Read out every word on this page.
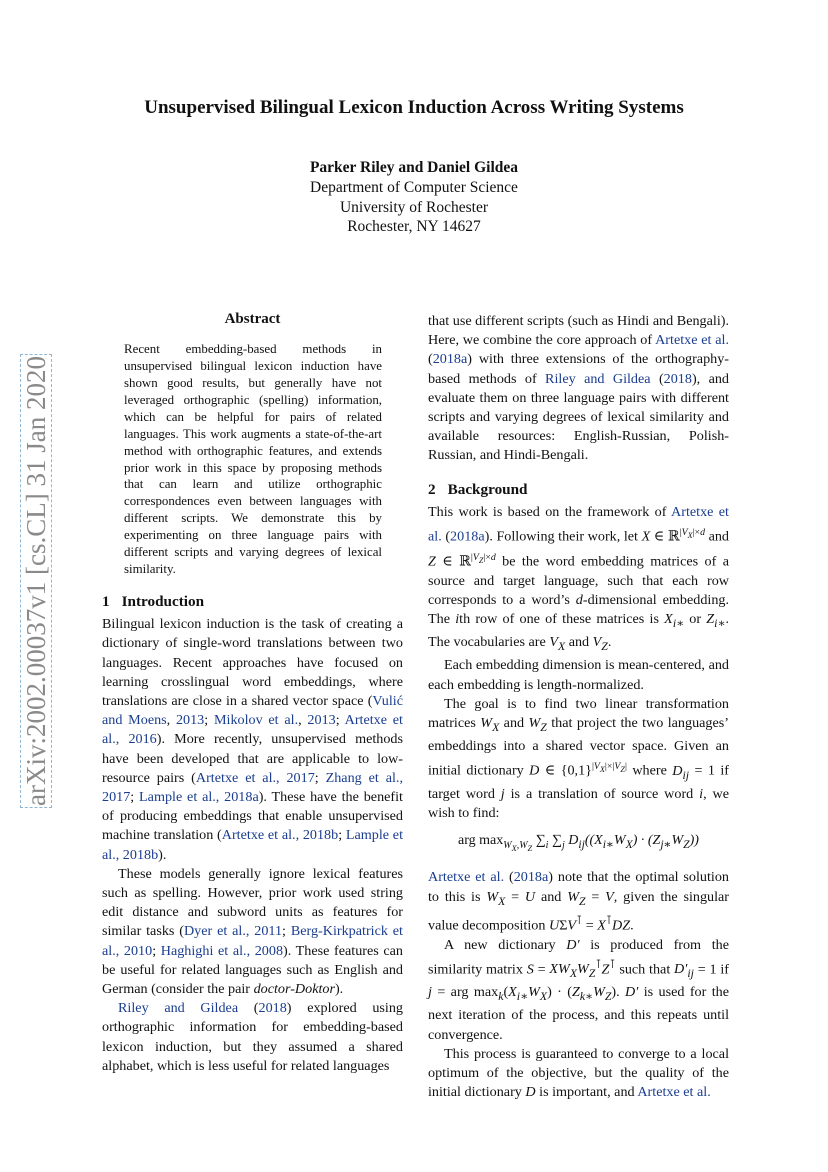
arXiv:2002.00037v1 [cs.CL] 31 Jan 2020
Unsupervised Bilingual Lexicon Induction Across Writing Systems
Parker Riley and Daniel Gildea
Department of Computer Science
University of Rochester
Rochester, NY 14627
Abstract
Recent embedding-based methods in unsupervised bilingual lexicon induction have shown good results, but generally have not leveraged orthographic (spelling) information, which can be helpful for pairs of related languages. This work augments a state-of-the-art method with orthographic features, and extends prior work in this space by proposing methods that can learn and utilize orthographic correspondences even between languages with different scripts. We demonstrate this by experimenting on three language pairs with different scripts and varying degrees of lexical similarity.
1 Introduction

Bilingual lexicon induction is the task of creating a dictionary of single-word translations between two languages. Recent approaches have focused on learning crosslingual word embeddings, where translations are close in a shared vector space (Vulić and Moens, 2013; Mikolov et al., 2013; Artetxe et al., 2016). More recently, unsupervised methods have been developed that are applicable to low-resource pairs (Artetxe et al., 2017; Zhang et al., 2017; Lample et al., 2018a). These have the benefit of producing embeddings that enable unsupervised machine translation (Artetxe et al., 2018b; Lample et al., 2018b).

These models generally ignore lexical features such as spelling. However, prior work used string edit distance and subword units as features for similar tasks (Dyer et al., 2011; Berg-Kirkpatrick et al., 2010; Haghighi et al., 2008). These features can be useful for related languages such as English and German (consider the pair doctor-Doktor).

Riley and Gildea (2018) explored using orthographic information for embedding-based lexicon induction, but they assumed a shared alphabet, which is less useful for related languages

that use different scripts (such as Hindi and Bengali). Here, we combine the core approach of Artetxe et al. (2018a) with three extensions of the orthography-based methods of Riley and Gildea (2018), and evaluate them on three language pairs with different scripts and varying degrees of lexical similarity and available resources: English-Russian, Polish-Russian, and Hindi-Bengali.

2 Background

This work is based on the framework of Artetxe et al. (2018a). Following their work, let X ∈ ℝ$^{|V_X|\times d}$ and Z ∈ ℝ$^{|V_Z|\times d}$ be the word embedding matrices of a source and target language, such that each row corresponds to a word’s d-dimensional embedding. The ith row of one of these matrices is $X_{i∗}$ or $Z_{i∗}$. The vocabularies are $V_X$ and $V_Z$.

Each embedding dimension is mean-centered, and each embedding is length-normalized.

The goal is to find two linear transformation matrices $W_X$ and $W_Z$ that project the two languages’ embeddings into a shared vector space. Given an initial dictionary D ∈ $\{0,1\}^{|V_X|\times|V_Z|}$ where $D_{ij} = 1$ if target word j is a translation of source word i, we wish to find:

arg $\max_{W_X,W_Z} \sum_i$ $\sum_j$ $D_{ij}((X_{i∗}W_X) \cdot (Z_{j∗}W_Z))$

Artetxe et al. (2018a) note that the optimal solution to this is $W_X = U$ and $W_Z = V$, given the singular value decomposition UΣV⊺ = X⊺DZ.

A new dictionary D′ is produced from the similarity matrix $S = XW_XW_Z^⊺Z^⊺$ such that $D'_{ij} = 1$ if j = arg $\max_k(X_{i∗}W_X) \cdot (Z_{k∗}W_Z)$. D′ is used for the next iteration of the process, and this repeats until convergence.

This process is guaranteed to converge to a local optimum of the objective, but the quality of the initial dictionary D is important, and Artetxe et al.
